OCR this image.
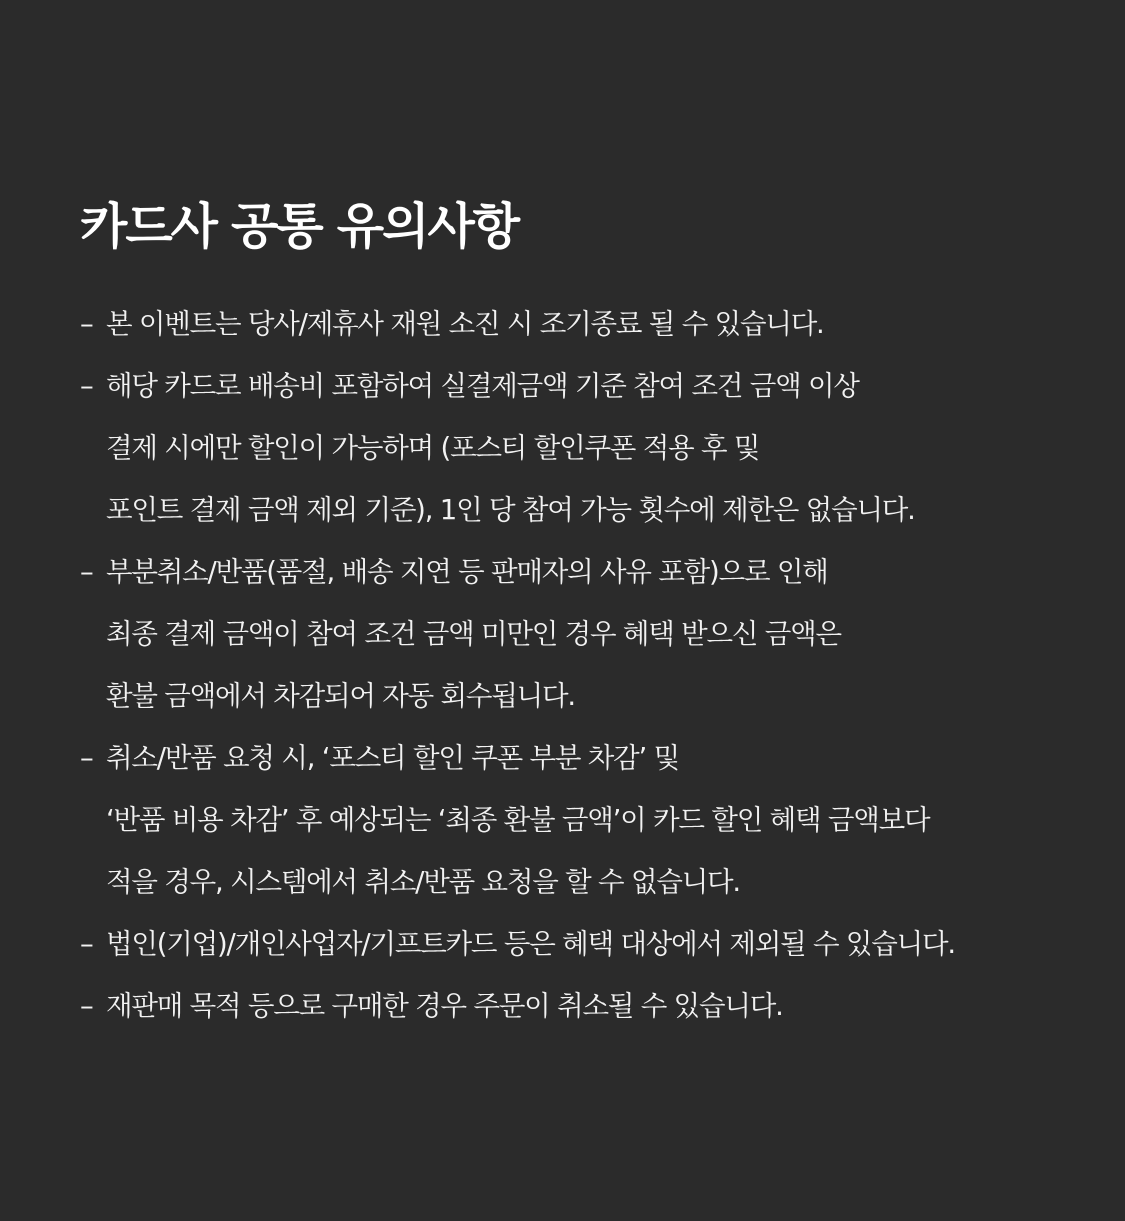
카드사 공통 유의사항
– 본 이벤트는 당사/제휴사 재원 소진 시 조기종료 될 수 있습니다.
– 해당 카드로 배송비 포함하여 실결제금액 기준 참여 조건 금액 이상
결제 시에만 할인이 가능하며 (포스티 할인쿠폰 적용 후 및
포인트 결제 금액 제외 기준), 1인 당 참여 가능 횟수에 제한은 없습니다.
– 부분취소/반품(품절, 배송 지연 등 판매자의 사유 포함)으로 인해
최종 결제 금액이 참여 조건 금액 미만인 경우 혜택 받으신 금액은
환불 금액에서 차감되어 자동 회수됩니다.
– 취소/반품 요청 시, ‘포스티 할인 쿠폰 부분 차감’ 및
‘반품 비용 차감’ 후 예상되는 ‘최종 환불 금액’이 카드 할인 혜택 금액보다
적을 경우, 시스템에서 취소/반품 요청을 할 수 없습니다.
– 법인(기업)/개인사업자/기프트카드 등은 혜택 대상에서 제외될 수 있습니다.
– 재판매 목적 등으로 구매한 경우 주문이 취소될 수 있습니다.
